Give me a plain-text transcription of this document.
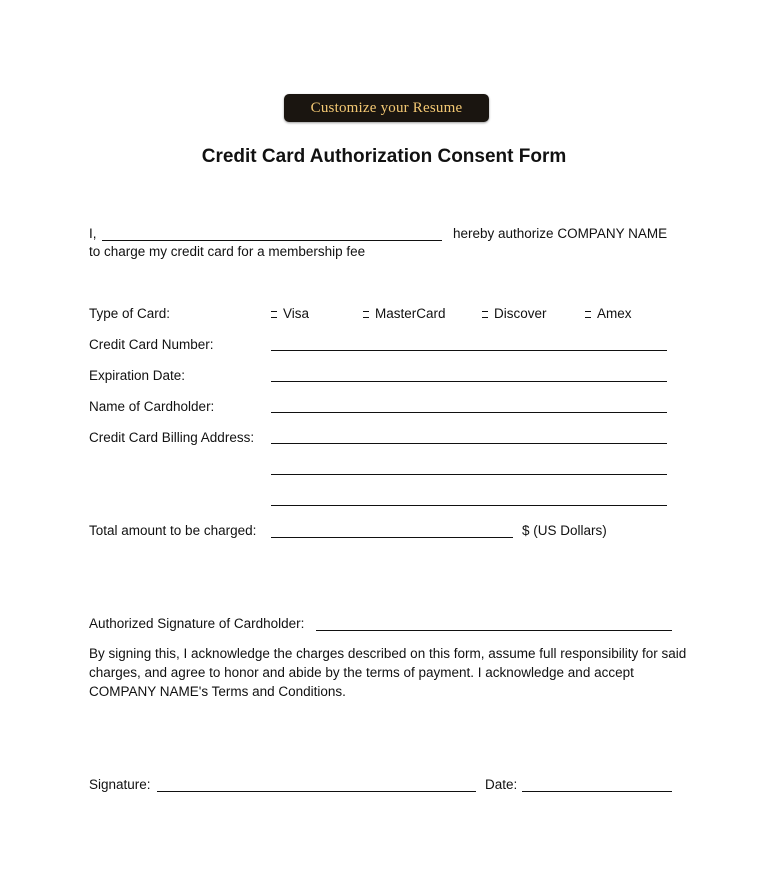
Customize your Resume
Credit Card Authorization Consent Form
I,	hereby authorize COMPANY NAME
to charge my credit card for a membership fee
Type of Card:	Visa	MasterCard	Discover	Amex
Credit Card Number:
Expiration Date:
Name of Cardholder:
Credit Card Billing Address:
Total amount to be charged:	$ (US Dollars)
Authorized Signature of Cardholder:
By signing this, I acknowledge the charges described on this form, assume full responsibility for said charges, and agree to honor and abide by the terms of payment. I acknowledge and accept COMPANY NAME's Terms and Conditions.
Signature:	Date:
